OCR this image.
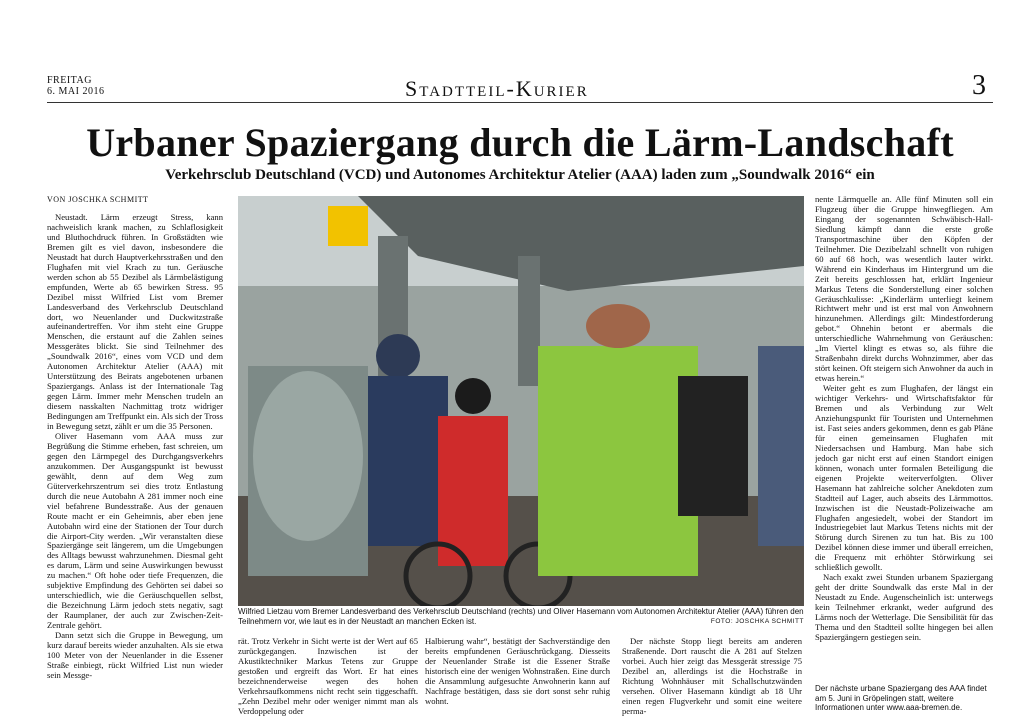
FREITAG
6. MAI 2016	Stadtteil-Kurier	3
Urbaner Spaziergang durch die Lärm-Landschaft
Verkehrsclub Deutschland (VCD) und Autonomes Architektur Atelier (AAA) laden zum „Soundwalk 2016“ ein
VON JOSCHKA SCHMITT

Neustadt. Lärm erzeugt Stress, kann nachweislich krank machen, zu Schlaflosigkeit und Bluthochdruck führen. In Großstädten wie Bremen gilt es viel davon, insbesondere die Neustadt hat durch Hauptverkehrsstraßen und den Flughafen mit viel Krach zu tun. Geräusche werden schon ab 55 Dezibel als Lärmbelästigung empfunden, Werte ab 65 bewirken Stress. 95 Dezibel misst Wilfried List vom Bremer Landesverband des Verkehrsclub Deutschland dort, wo Neuenlander und Duckwitzstraße aufeinandertreffen. Vor ihm steht eine Gruppe Menschen, die erstaunt auf die Zahlen seines Messgerätes blickt. Sie sind Teilnehmer des „Soundwalk 2016“, eines vom VCD und dem Autonomen Architektur Atelier (AAA) mit Unterstützung des Beirats angebotenen urbanen Spaziergangs. Anlass ist der Internationale Tag gegen Lärm. Immer mehr Menschen trudeln an diesem nasskalten Nachmittag trotz widriger Bedingungen am Treffpunkt ein. Als sich der Tross in Bewegung setzt, zählt er um die 35 Personen.

Oliver Hasemann vom AAA muss zur Begrüßung die Stimme erheben, fast schreien, um gegen den Lärmpegel des Durchgangsverkehrs anzukommen. Der Ausgangspunkt ist bewusst gewählt, denn auf dem Weg zum Güterverkehrszentrum sei dies trotz Entlastung durch die neue Autobahn A 281 immer noch eine viel befahrene Bundesstraße. Aus der genauen Route macht er ein Geheimnis, aber eben jene Autobahn wird eine der Stationen der Tour durch die Airport-City werden. „Wir veranstalten diese Spaziergänge seit längerem, um die Umgebungen des Alltags bewusst wahrzunehmen. Diesmal geht es darum, Lärm und seine Auswirkungen bewusst zu machen.“ Oft hohe oder tiefe Frequenzen, die subjektive Empfindung des Gehörten sei dabei so unterschiedlich, wie die Geräuschquellen selbst, die Bezeichnung Lärm jedoch stets negativ, sagt der Raumplaner, der auch zur Zwischen-Zeit-Zentrale gehört.

Dann setzt sich die Gruppe in Bewegung, um kurz darauf bereits wieder anzuhalten. Als sie etwa 100 Meter von der Neuenlander in die Essener Straße einbiegt, rückt Wilfried List nun wieder sein Messge-

Wilfried Lietzau vom Bremer Landesverband des Verkehrsclub Deutschland (rechts) und Oliver Hasemann vom Autonomen Architektur Atelier (AAA) führen den Teilnehmern vor, wie laut es in der Neustadt an manchen Ecken ist.	FOTO: JOSCHKA SCHMITT

rät. Trotz Verkehr in Sicht werte ist der Wert auf 65 zurückgegangen. Inzwischen ist der Akustiktechniker Markus Tetens zur Gruppe gestoßen und ergreift das Wort. Er hat eines bezeichnenderweise wegen des hohen Verkehrsaufkommens nicht recht sein tiggeschafft. „Zehn Dezibel mehr oder weniger nimmt man als Verdoppelung oder

Halbierung wahr“, bestätigt der Sachverständige den bereits empfundenen Geräuschrückgang. Diesseits der Neuenlander Straße ist die Essener Straße historisch eine der wenigen Wohnstraßen. Eine durch die Ansammlung aufgesuchte Anwohnerin kann auf Nachfrage bestätigen, dass sie dort sonst sehr ruhig wohnt.

Der nächste Stopp liegt bereits am anderen Straßenende. Dort rauscht die A 281 auf Stelzen vorbei. Auch hier zeigt das Messgerät stressige 75 Dezibel an, allerdings ist die Hochstraße in Richtung Wohnhäuser mit Schallschutzwänden versehen. Oliver Hasemann kündigt ab 18 Uhr einen regen Flugverkehr und somit eine weitere perma-

nente Lärmquelle an. Alle fünf Minuten soll ein Flugzeug über die Gruppe hinwegfliegen. Am Eingang der sogenannten Schwäbisch-Hall-Siedlung kämpft dann die erste große Transportmaschine über den Köpfen der Teilnehmer. Die Dezibelzahl schnellt von ruhigen 60 auf 68 hoch, was wesentlich lauter wirkt. Während ein Kinderhaus im Hintergrund um die Zeit bereits geschlossen hat, erklärt Ingenieur Markus Tetens die Sonderstellung einer solchen Geräuschkulisse: „Kinderlärm unterliegt keinem Richtwert mehr und ist erst mal von Anwohnern hinzunehmen. Allerdings gilt: Mindestforderung gebot.“ Ohnehin betont er abermals die unterschiedliche Wahrnehmung von Geräuschen: „Im Viertel klingt es etwas so, als führe die Straßenbahn direkt durchs Wohnzimmer, aber das stört keinen. Oft steigern sich Anwohner da auch in etwas herein.“

Weiter geht es zum Flughafen, der längst ein wichtiger Verkehrs- und Wirtschaftsfaktor für Bremen und als Verbindung zur Welt Anziehungspunkt für Touristen und Unternehmen ist. Fast seies anders gekommen, denn es gab Pläne für einen gemeinsamen Flughafen mit Niedersachsen und Hamburg. Man habe sich jedoch gar nicht erst auf einen Standort einigen können, wonach unter formalen Beteiligung die eigenen Projekte weiterverfolgten. Oliver Hasemann hat zahlreiche solcher Anekdoten zum Stadtteil auf Lager, auch abseits des Lärmmottos. Inzwischen ist die Neustadt-Polizeiwache am Flughafen angesiedelt, wobei der Standort im Industriegebiet laut Markus Tetens nichts mit der Störung durch Sirenen zu tun hat. Bis zu 100 Dezibel können diese immer und überall erreichen, die Frequenz mit erhöhter Störwirkung sei schließlich gewollt.

Nach exakt zwei Stunden urbanem Spaziergang geht der dritte Soundwalk das erste Mal in der Neustadt zu Ende. Augenscheinlich ist: unterwegs kein Teilnehmer erkrankt, weder aufgrund des Lärms noch der Wetterlage. Die Sensibilität für das Thema und den Stadtteil sollte hingegen bei allen Spaziergängern gestiegen sein.

Der nächste urbane Spaziergang des AAA findet am 5. Juni in Gröpelingen statt, weitere Informationen unter www.aaa-bremen.de.
